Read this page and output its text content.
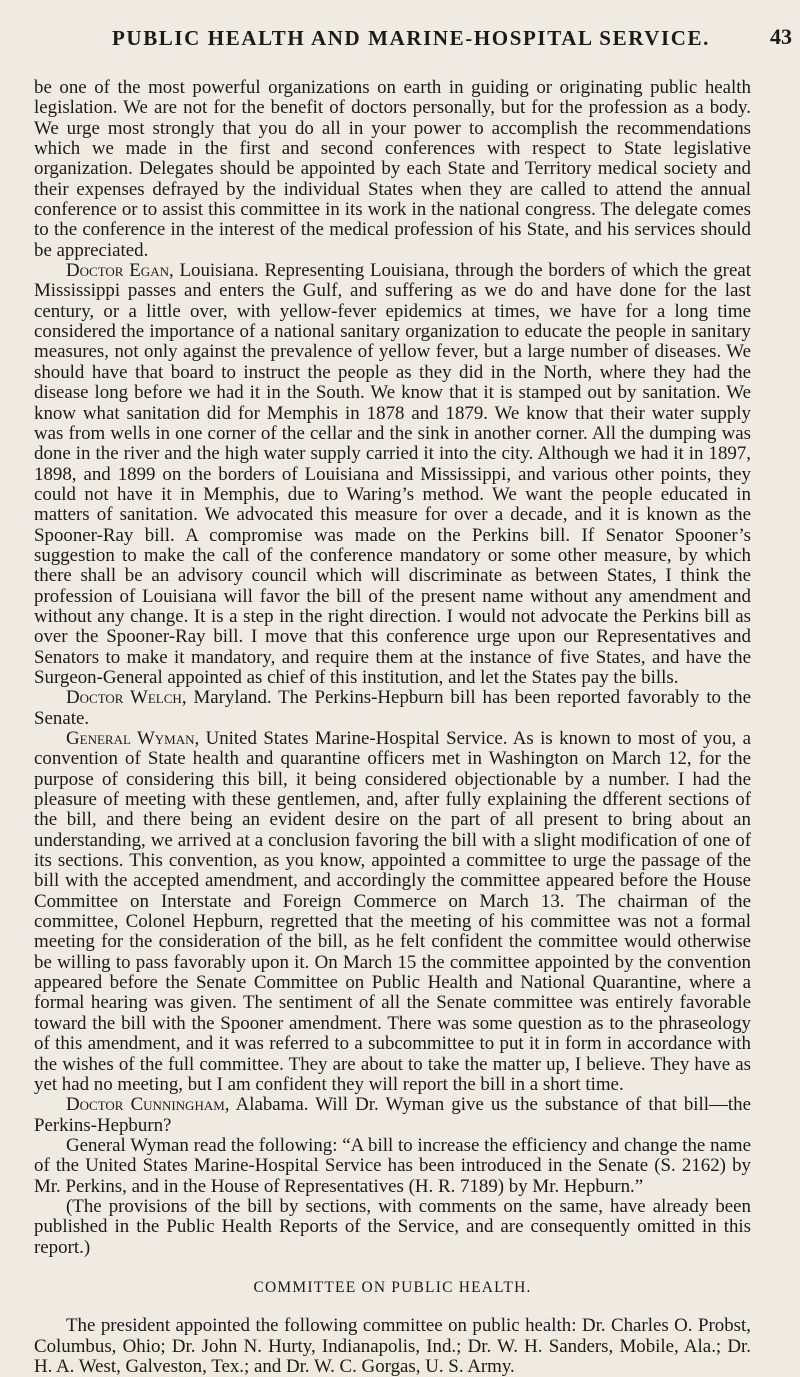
PUBLIC HEALTH AND MARINE-HOSPITAL SERVICE.	43

be one of the most powerful organizations on earth in guiding or originating public health legislation. We are not for the benefit of doctors personally, but for the profession as a body. We urge most strongly that you do all in your power to accomplish the recommendations which we made in the first and second conferences with respect to State legislative organization. Delegates should be appointed by each State and Territory medical society and their expenses defrayed by the individual States when they are called to attend the annual conference or to assist this committee in its work in the national congress. The delegate comes to the conference in the interest of the medical profession of his State, and his services should be appreciated.

Doctor Egan, Louisiana. Representing Louisiana, through the borders of which the great Mississippi passes and enters the Gulf, and suffering as we do and have done for the last century, or a little over, with yellow-fever epidemics at times, we have for a long time considered the importance of a national sanitary organization to educate the people in sanitary measures, not only against the prevalence of yellow fever, but a large number of diseases. We should have that board to instruct the people as they did in the North, where they had the disease long before we had it in the South. We know that it is stamped out by sanitation. We know what sanitation did for Memphis in 1878 and 1879. We know that their water supply was from wells in one corner of the cellar and the sink in another corner. All the dumping was done in the river and the high water supply carried it into the city. Although we had it in 1897, 1898, and 1899 on the borders of Louisiana and Mississippi, and various other points, they could not have it in Memphis, due to Waring’s method. We want the people educated in matters of sanitation. We advocated this measure for over a decade, and it is known as the Spooner-Ray bill. A compromise was made on the Perkins bill. If Senator Spooner’s suggestion to make the call of the conference mandatory or some other measure, by which there shall be an advisory council which will discriminate as between States, I think the profession of Louisiana will favor the bill of the present name without any amendment and without any change. It is a step in the right direction. I would not advocate the Perkins bill as over the Spooner-Ray bill. I move that this conference urge upon our Representatives and Senators to make it mandatory, and require them at the instance of five States, and have the Surgeon-General appointed as chief of this institution, and let the States pay the bills.

Doctor Welch, Maryland. The Perkins-Hepburn bill has been reported favorably to the Senate.

General Wyman, United States Marine-Hospital Service. As is known to most of you, a convention of State health and quarantine officers met in Washington on March 12, for the purpose of considering this bill, it being considered objectionable by a number. I had the pleasure of meeting with these gentlemen, and, after fully explaining the dfferent sections of the bill, and there being an evident desire on the part of all present to bring about an understanding, we arrived at a conclusion favoring the bill with a slight modification of one of its sections. This convention, as you know, appointed a committee to urge the passage of the bill with the accepted amendment, and accordingly the committee appeared before the House Committee on Interstate and Foreign Commerce on March 13. The chairman of the committee, Colonel Hepburn, regretted that the meeting of his committee was not a formal meeting for the consideration of the bill, as he felt confident the committee would otherwise be willing to pass favorably upon it. On March 15 the committee appointed by the convention appeared before the Senate Committee on Public Health and National Quarantine, where a formal hearing was given. The sentiment of all the Senate committee was entirely favorable toward the bill with the Spooner amendment. There was some question as to the phraseology of this amendment, and it was referred to a subcommittee to put it in form in accordance with the wishes of the full committee. They are about to take the matter up, I believe. They have as yet had no meeting, but I am confident they will report the bill in a short time.

Doctor Cunningham, Alabama. Will Dr. Wyman give us the substance of that bill—the Perkins-Hepburn?

General Wyman read the following: “A bill to increase the efficiency and change the name of the United States Marine-Hospital Service has been introduced in the Senate (S. 2162) by Mr. Perkins, and in the House of Representatives (H. R. 7189) by Mr. Hepburn.”

(The provisions of the bill by sections, with comments on the same, have already been published in the Public Health Reports of the Service, and are consequently omitted in this report.)

COMMITTEE ON PUBLIC HEALTH.

The president appointed the following committee on public health: Dr. Charles O. Probst, Columbus, Ohio; Dr. John N. Hurty, Indianapolis, Ind.; Dr. W. H. Sanders, Mobile, Ala.; Dr. H. A. West, Galveston, Tex.; and Dr. W. C. Gorgas, U. S. Army.
